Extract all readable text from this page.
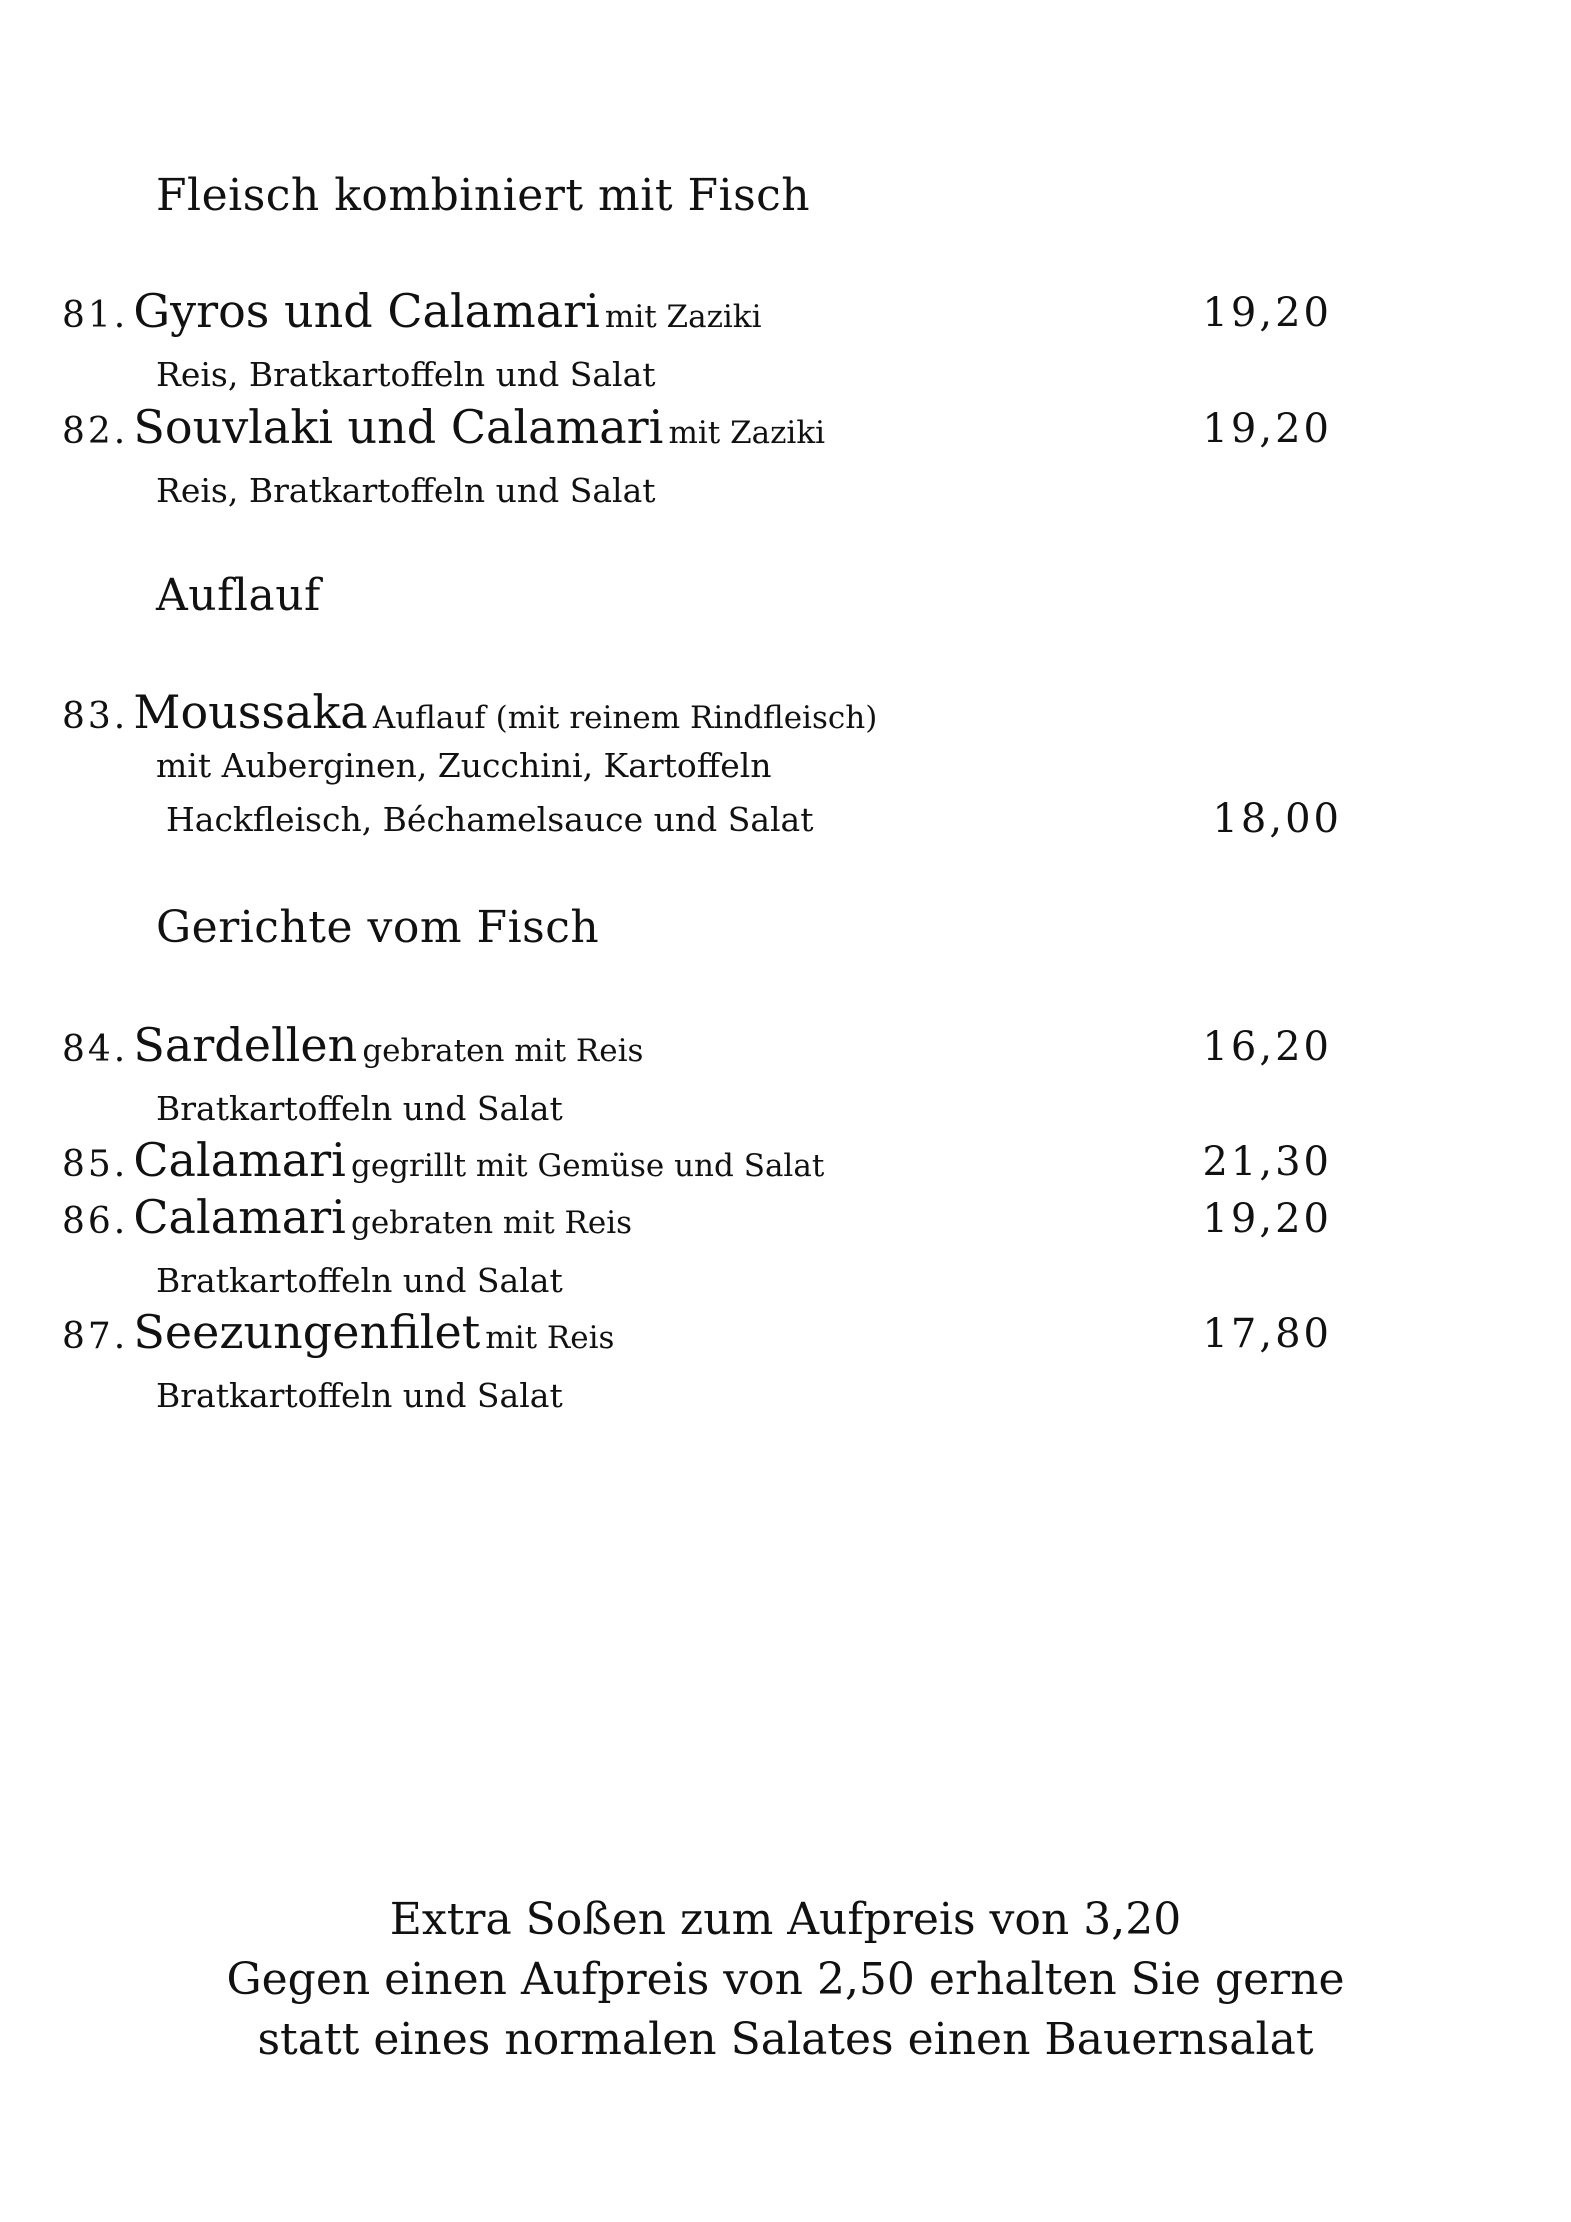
Fleisch kombiniert mit Fisch
81. Gyros und Calamari mit Zaziki	19,20
Reis, Bratkartoffeln und Salat
82. Souvlaki und Calamari mit Zaziki	19,20
Reis, Bratkartoffeln und Salat
Auflauf
83. Moussaka Auflauf (mit reinem Rindfleisch)
mit Auberginen, Zucchini, Kartoffeln
Hackfleisch, Béchamelsauce und Salat	18,00
Gerichte vom Fisch
84. Sardellen gebraten mit Reis	16,20
Bratkartoffeln und Salat
85. Calamari gegrillt mit Gemüse und Salat	21,30
86. Calamari gebraten mit Reis	19,20
Bratkartoffeln und Salat
87. Seezungenfilet mit Reis	17,80
Bratkartoffeln und Salat
Extra Soßen zum Aufpreis von 3,20
Gegen einen Aufpreis von 2,50 erhalten Sie gerne
statt eines normalen Salates einen Bauernsalat
